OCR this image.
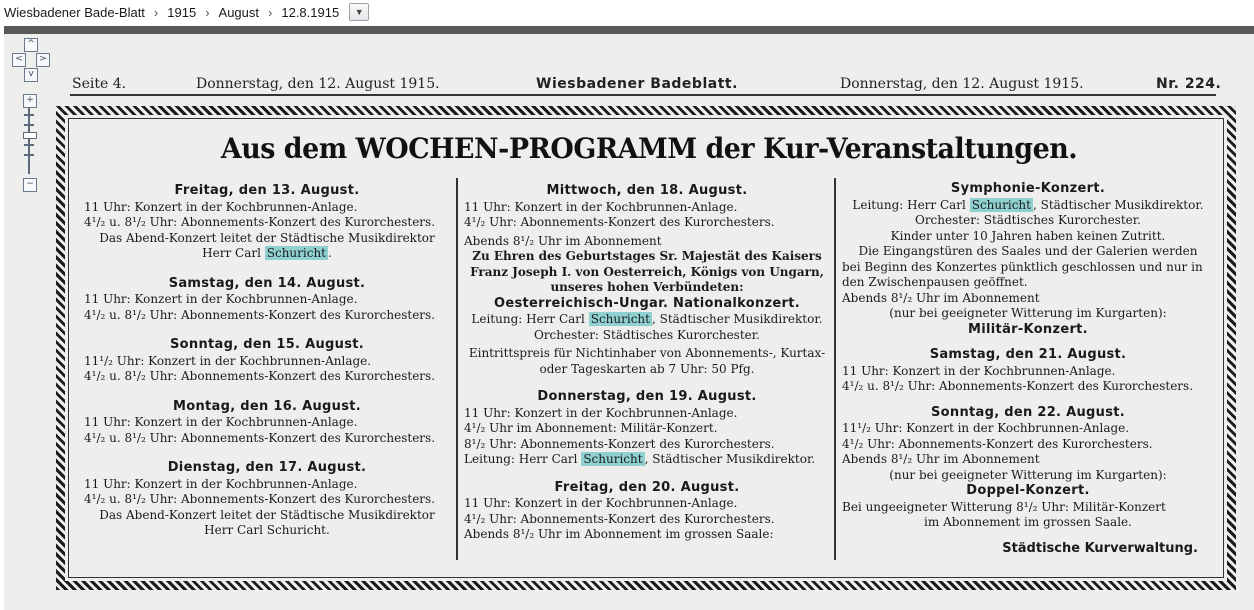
Wiesbadener Bade-Blatt › 1915 › August › 12.8.1915 ▼
^
<	>
v
+
−
Seite 4.	Donnerstag, den 12. August 1915.	Wiesbadener Badeblatt.	Donnerstag, den 12. August 1915.	Nr. 224.
Aus dem WOCHEN-PROGRAMM der Kur-Veranstaltungen.
Freitag, den 13. August.
11 Uhr: Konzert in der Kochbrunnen-Anlage.
4¹/₂ u. 8¹/₂ Uhr: Abonnements-Konzert des Kurorchesters.
Das Abend-Konzert leitet der Städtische Musikdirektor
Herr Carl Schuricht .
Samstag, den 14. August.
11 Uhr: Konzert in der Kochbrunnen-Anlage.
4¹/₂ u. 8¹/₂ Uhr: Abonnements-Konzert des Kurorchesters.
Sonntag, den 15. August.
11¹/₂ Uhr: Konzert in der Kochbrunnen-Anlage.
4¹/₂ u. 8¹/₂ Uhr: Abonnements-Konzert des Kurorchesters.
Montag, den 16. August.
11 Uhr: Konzert in der Kochbrunnen-Anlage.
4¹/₂ u. 8¹/₂ Uhr: Abonnements-Konzert des Kurorchesters.
Dienstag, den 17. August.
11 Uhr: Konzert in der Kochbrunnen-Anlage.
4¹/₂ u. 8¹/₂ Uhr: Abonnements-Konzert des Kurorchesters.
Das Abend-Konzert leitet der Städtische Musikdirektor
Herr Carl Schuricht.
Mittwoch, den 18. August.
11 Uhr: Konzert in der Kochbrunnen-Anlage.
4¹/₂ Uhr: Abonnements-Konzert des Kurorchesters.
Abends 8¹/₂ Uhr im Abonnement
Zu Ehren des Geburtstages Sr. Majestät des Kaisers
Franz Joseph I. von Oesterreich, Königs von Ungarn,
unseres hohen Verbündeten:
Oesterreichisch-Ungar. Nationalkonzert.
Leitung: Herr Carl Schuricht , Städtischer Musikdirektor.
Orchester: Städtisches Kurorchester.
Eintrittspreis für Nichtinhaber von Abonnements-, Kurtax-
oder Tageskarten ab 7 Uhr: 50 Pfg.
Donnerstag, den 19. August.
11 Uhr: Konzert in der Kochbrunnen-Anlage.
4¹/₂ Uhr im Abonnement: Militär-Konzert.
8¹/₂ Uhr: Abonnements-Konzert des Kurorchesters.
Leitung: Herr Carl Schuricht , Städtischer Musikdirektor.
Freitag, den 20. August.
11 Uhr: Konzert in der Kochbrunnen-Anlage.
4¹/₂ Uhr: Abonnements-Konzert des Kurorchesters.
Abends 8¹/₂ Uhr im Abonnement im grossen Saale:
Symphonie-Konzert.
Leitung: Herr Carl Schuricht , Städtischer Musikdirektor.
Orchester: Städtisches Kurorchester.
Kinder unter 10 Jahren haben keinen Zutritt.
Die Eingangstüren des Saales und der Galerien werden
bei Beginn des Konzertes pünktlich geschlossen und nur in
den Zwischenpausen geöffnet.
Abends 8¹/₂ Uhr im Abonnement
(nur bei geeigneter Witterung im Kurgarten):
Militär-Konzert.
Samstag, den 21. August.
11 Uhr: Konzert in der Kochbrunnen-Anlage.
4¹/₂ u. 8¹/₂ Uhr: Abonnements-Konzert des Kurorchesters.
Sonntag, den 22. August.
11¹/₂ Uhr: Konzert in der Kochbrunnen-Anlage.
4¹/₂ Uhr: Abonnements-Konzert des Kurorchesters.
Abends 8¹/₂ Uhr im Abonnement
(nur bei geeigneter Witterung im Kurgarten):
Doppel-Konzert.
Bei ungeeigneter Witterung 8¹/₂ Uhr: Militär-Konzert
im Abonnement im grossen Saale.
Städtische Kurverwaltung.
